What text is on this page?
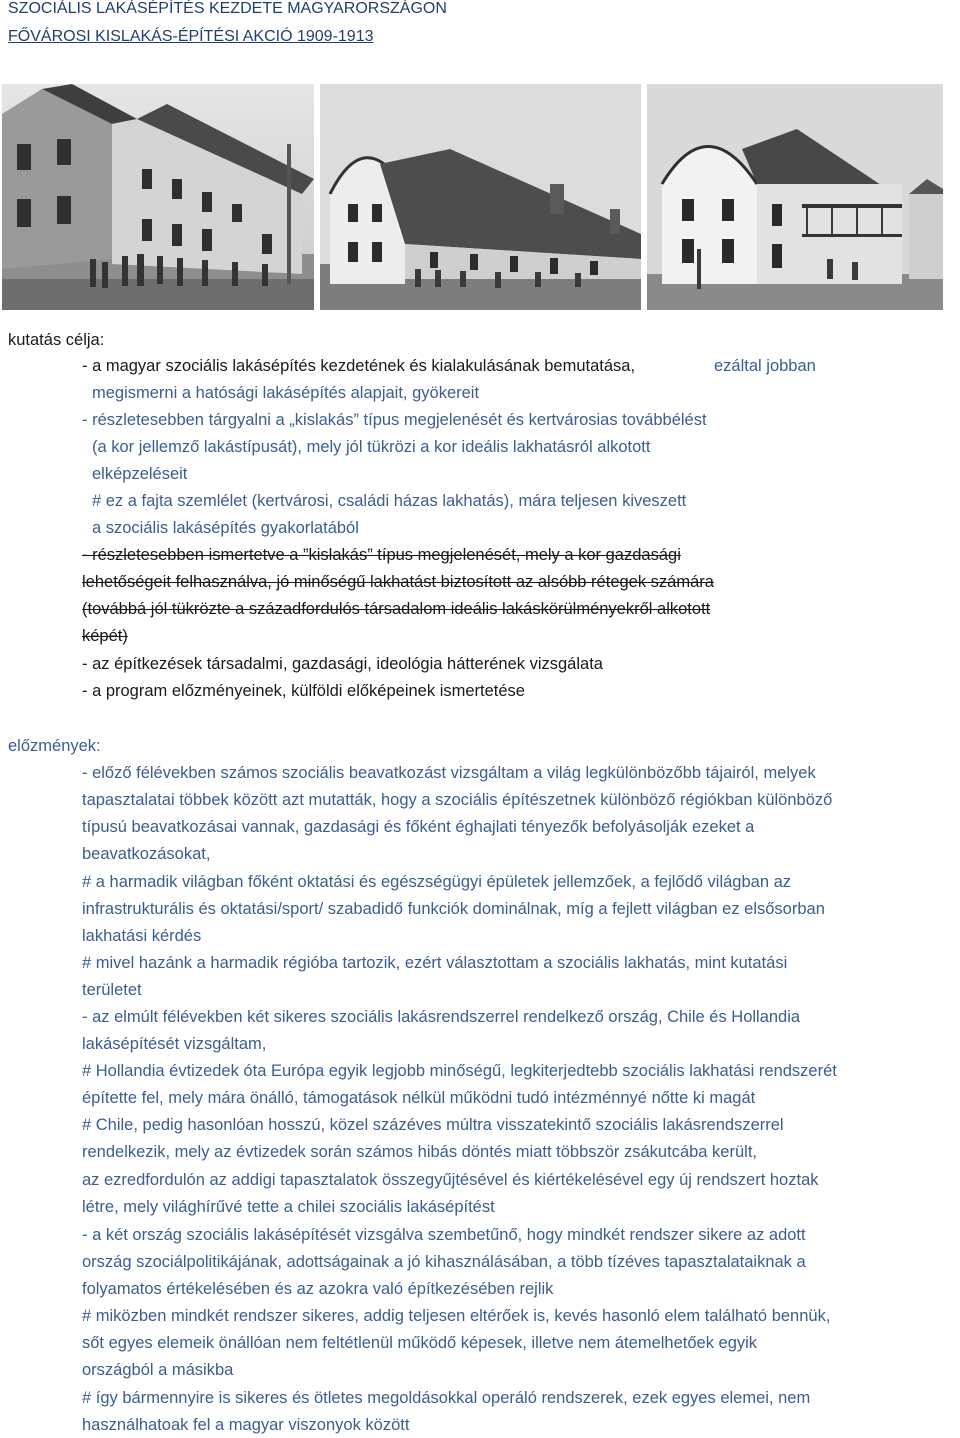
SZOCIÁLIS LAKÁSÉPÍTÉS KEZDETE MAGYARORSZÁGON
FŐVÁROSI KISLAKÁS-ÉPÍTÉSI AKCIÓ 1909-1913
kutatás célja:
- a magyar szociális lakásépítés kezdetének és kialakulásának bemutatása,	ezáltal jobban
megismerni a hatósági lakásépítés alapjait, gyökereit
- részletesebben tárgyalni a „kislakás” típus megjelenését és kertvárosias továbbélést
(a kor jellemző lakástípusát), mely jól tükrözi a kor ideális lakhatásról alkotott
elképzeléseit
# ez a fajta szemlélet (kertvárosi, családi házas lakhatás), mára teljesen kiveszett
a szociális lakásépítés gyakorlatából
- részletesebben ismertetve a ”kislakás” típus megjelenését, mely a kor gazdasági
lehetőségeit felhasználva, jó minőségű lakhatást biztosított az alsóbb rétegek számára
(továbbá jól tükrözte a századfordulós társadalom ideális lakáskörülményekről alkotott
képét)
- az építkezések társadalmi, gazdasági, ideológia hátterének vizsgálata
- a program előzményeinek, külföldi előképeinek ismertetése
előzmények:
- előző félévekben számos szociális beavatkozást vizsgáltam a világ legkülönbözőbb tájairól, melyek
tapasztalatai többek között azt mutatták, hogy a szociális építészetnek különböző régiókban különböző
típusú beavatkozásai vannak, gazdasági és főként éghajlati tényezők befolyásolják ezeket a
beavatkozásokat,
# a harmadik világban főként oktatási és egészségügyi épületek jellemzőek, a fejlődő világban az
infrastrukturális és oktatási/sport/ szabadidő funkciók dominálnak, míg a fejlett világban ez elsősorban
lakhatási kérdés
# mivel hazánk a harmadik régióba tartozik, ezért választottam a szociális lakhatás, mint kutatási
területet
- az elmúlt félévekben két sikeres szociális lakásrendszerrel rendelkező ország, Chile és Hollandia
lakásépítését vizsgáltam,
# Hollandia évtizedek óta Európa egyik legjobb minőségű, legkiterjedtebb szociális lakhatási rendszerét
építette fel, mely mára önálló, támogatások nélkül működni tudó intézménnyé nőtte ki magát
# Chile, pedig hasonlóan hosszú, közel százéves múltra visszatekintő szociális lakásrendszerrel
rendelkezik, mely az évtizedek során számos hibás döntés miatt többször zsákutcába került,
az ezredfordulón az addigi tapasztalatok összegyűjtésével és kiértékelésével egy új rendszert hoztak
létre, mely világhírűvé tette a chilei szociális lakásépítést
- a két ország szociális lakásépítését vizsgálva szembetűnő, hogy mindkét rendszer sikere az adott
ország szociálpolitikájának, adottságainak a jó kihasználásában, a több tízéves tapasztalataiknak a
folyamatos értékelésében és az azokra való építkezésében rejlik
# miközben mindkét rendszer sikeres, addig teljesen eltérőek is, kevés hasonló elem található bennük,
sőt egyes elemeik önállóan nem feltétlenül működő képesek, illetve nem átemelhetőek egyik
országból a másikba
# így bármennyire is sikeres és ötletes megoldásokkal operáló rendszerek, ezek egyes elemei, nem
használhatoak fel a magyar viszonyok között
